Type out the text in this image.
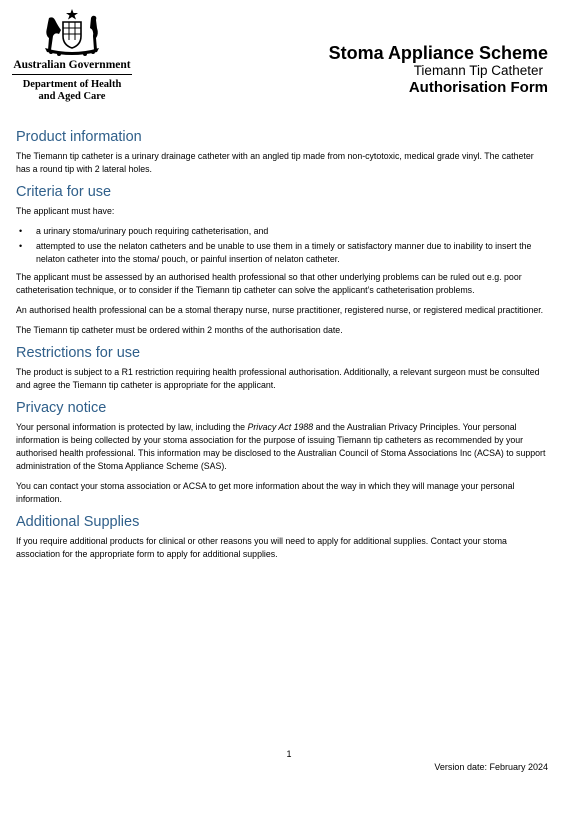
Australian Government
Department of Health
and Aged Care
Stoma Appliance Scheme
Tiemann Tip Catheter
Authorisation Form
Product information

The Tiemann tip catheter is a urinary drainage catheter with an angled tip made from non-cytotoxic, medical grade vinyl. The catheter has a round tip with 2 lateral holes.

Criteria for use

The applicant must have:

• a urinary stoma/urinary pouch requiring catheterisation, and
• attempted to use the nelaton catheters and be unable to use them in a timely or satisfactory manner due to inability to insert the nelaton catheter into the stoma/ pouch, or painful insertion of nelaton catheter.

The applicant must be assessed by an authorised health professional so that other underlying problems can be ruled out e.g. poor catheterisation technique, or to consider if the Tiemann tip catheter can solve the applicant’s catheterisation problems.

An authorised health professional can be a stomal therapy nurse, nurse practitioner, registered nurse, or registered medical practitioner.

The Tiemann tip catheter must be ordered within 2 months of the authorisation date.

Restrictions for use

The product is subject to a R1 restriction requiring health professional authorisation. Additionally, a relevant surgeon must be consulted and agree the Tiemann tip catheter is appropriate for the applicant.

Privacy notice

Your personal information is protected by law, including the Privacy Act 1988 and the Australian Privacy Principles. Your personal information is being collected by your stoma association for the purpose of issuing Tiemann tip catheters as recommended by your authorised health professional. This information may be disclosed to the Australian Council of Stoma Associations Inc (ACSA) to support administration of the Stoma Appliance Scheme (SAS).

You can contact your stoma association or ACSA to get more information about the way in which they will manage your personal information.

Additional Supplies

If you require additional products for clinical or other reasons you will need to apply for additional supplies. Contact your stoma association for the appropriate form to apply for additional supplies.

1
Version date: February 2024
